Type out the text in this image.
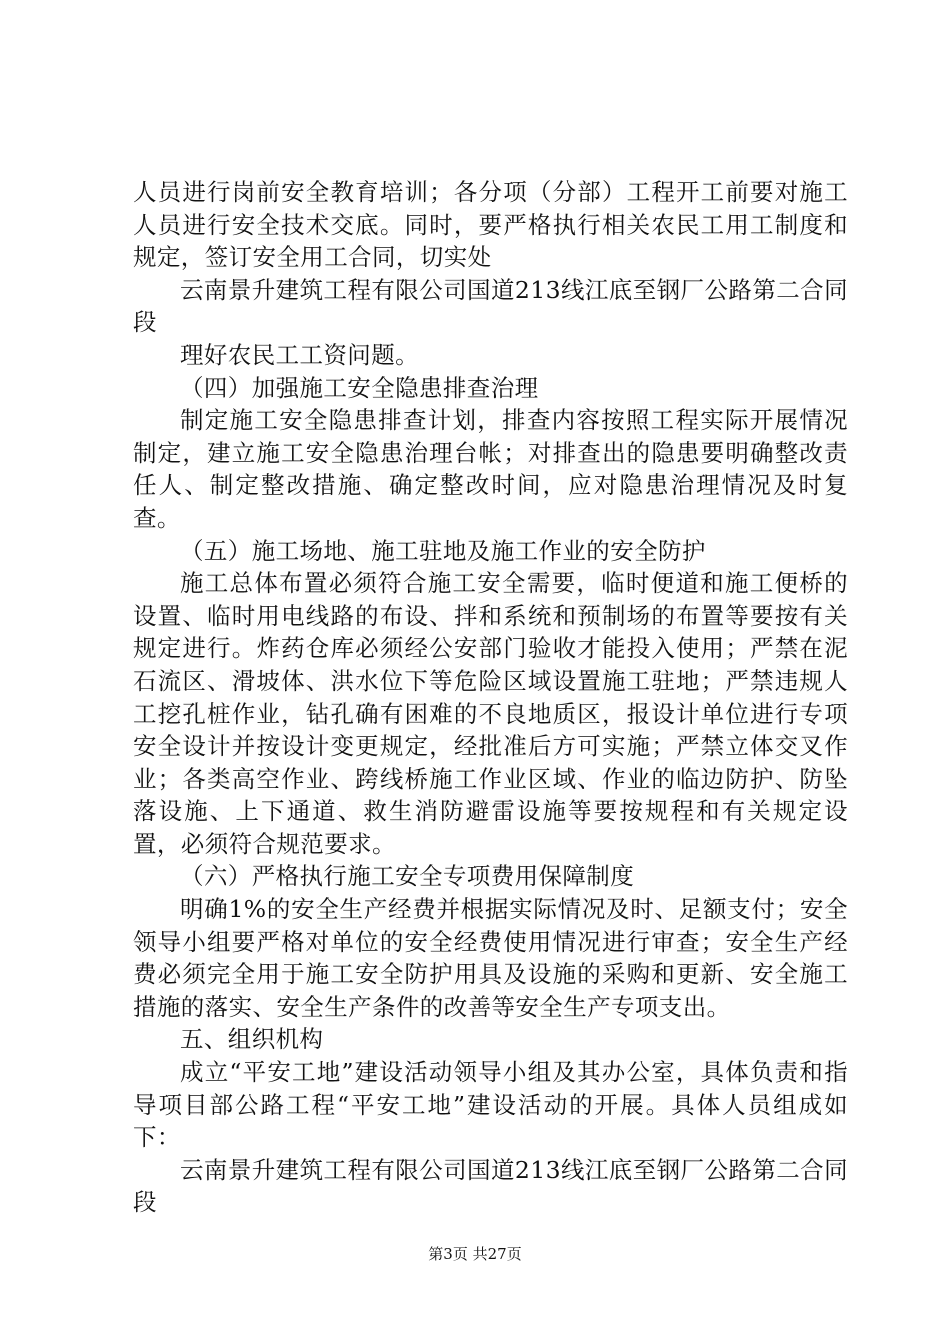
人员进行岗前安全教育培训；各分项（分部）工程开工前要对施工人员进行安全技术交底。同时，要严格执行相关农民工用工制度和规定，签订安全用工合同，切实处

云南景升建筑工程有限公司国道213线江底至钢厂公路第二合同段

理好农民工工资问题。

（四）加强施工安全隐患排查治理

制定施工安全隐患排查计划，排查内容按照工程实际开展情况制定，建立施工安全隐患治理台帐；对排查出的隐患要明确整改责任人、制定整改措施、确定整改时间，应对隐患治理情况及时复查。

（五）施工场地、施工驻地及施工作业的安全防护

施工总体布置必须符合施工安全需要，临时便道和施工便桥的设置、临时用电线路的布设、拌和系统和预制场的布置等要按有关规定进行。炸药仓库必须经公安部门验收才能投入使用；严禁在泥石流区、滑坡体、洪水位下等危险区域设置施工驻地；严禁违规人工挖孔桩作业，钻孔确有困难的不良地质区，报设计单位进行专项安全设计并按设计变更规定，经批准后方可实施；严禁立体交叉作业；各类高空作业、跨线桥施工作业区域、作业的临边防护、防坠落设施、上下通道、救生消防避雷设施等要按规程和有关规定设置，必须符合规范要求。

（六）严格执行施工安全专项费用保障制度

明确1%的安全生产经费并根据实际情况及时、足额支付；安全领导小组要严格对单位的安全经费使用情况进行审查；安全生产经费必须完全用于施工安全防护用具及设施的采购和更新、安全施工措施的落实、安全生产条件的改善等安全生产专项支出。

五、组织机构

成立“平安工地”建设活动领导小组及其办公室，具体负责和指导项目部公路工程“平安工地”建设活动的开展。具体人员组成如下：

云南景升建筑工程有限公司国道213线江底至钢厂公路第二合同段

第3页 共27页
